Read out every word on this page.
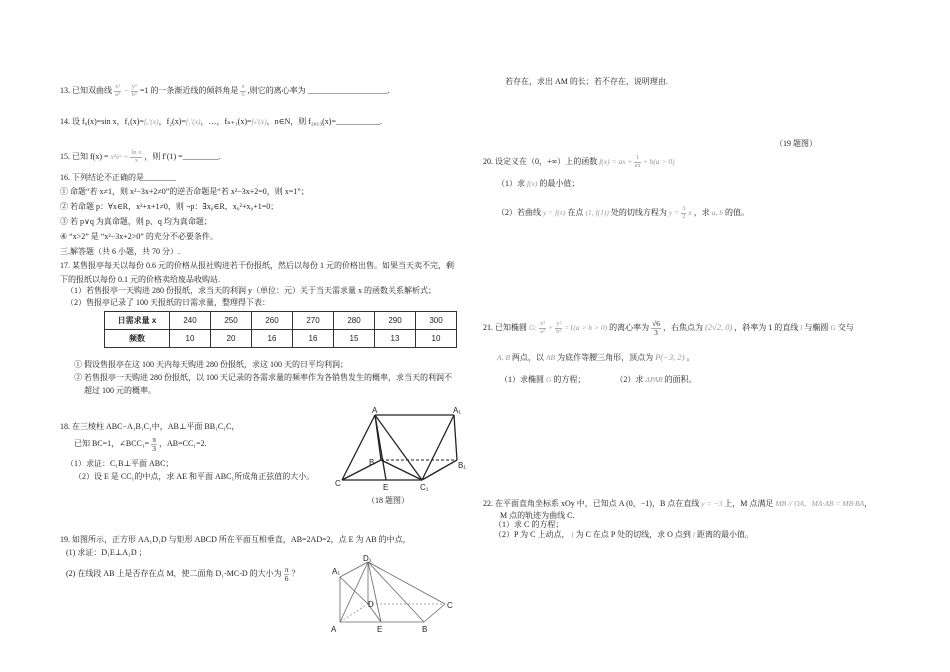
13. 已知双曲线 $\frac{\text{x²}}{\text{a²}} - \frac{\text{y²}}{\text{b²}} =1$ 的一条渐近线的倾斜角是 $\frac{\pi}{6}$ ,则它的离心率为 ____________________.
14. 设 f₀(x)=sin x，f₁(x)=f₀′(x)，f₂(x)=f₁′(x)，…，fₙ₊₁(x)=fₙ′(x)，n∈N，则 f₂₀₁₃(x)=___________.
15. 已知 f(x) = x²eˣ + $\frac{\text{ln x}}{x}$ ，则 f′(1) =_________.
16. 下列结论不正确的是________
① 命题“若 x≠1，则 x²−3x+2≠0”的逆否命题是“若 x²−3x+2=0，则 x=1”；
② 若命题 p：∀x∈R，x²+x+1≠0，则 ¬p：∃x₀∈R，x₀²+x₀+1=0；
③ 若 p∨q 为真命题，则 p、q 均为真命题；
④ “x>2” 是 “x²−3x+2>0” 的充分不必要条件。
三.解答题（共 6 小题，共 70 分）.
17. 某售报亭每天以每份 0.6 元的价格从报社购进若干份报纸，然后以每份 1 元的价格出售。如果当天卖不完，剩
下的报纸以每份 0.1 元的价格卖给废品收购站.
（1）若售报亭一天购进 280 份报纸，求当天的利润 y（单位：元）关于当天需求量 x 的函数关系解析式；
（2）售报亭记录了 100 天报纸的日需求量，整理得下表：
日需求量 x	240	250	260	270	280	290	300
频数	10	20	16	16	15	13	10
① 假设售报亭在这 100 天内每天购进 280 份报纸，求这 100 天的日平均利润；
② 若售报亭一天购进 280 份报纸，以 100 天记录的各需求量的频率作为各销售发生的概率，求当天的利润不
超过 100 元的概率。
18. 在三棱柱 ABC−A₁B₁C₁中，AB⊥平面 BB₁C₁C，
已知 BC=1，∠BCC₁= $\frac{\pi}{3}$ ，AB=CC₁=2.
（1）求证：C₁B⊥平面 ABC；
（2）设 E 是 CC₁的中点，求 AE 和平面 ABC₁所成角正弦值的大小。
（18 题图）
A	A₁
B	B₁
C	C₁
E
19. 如图所示，正方形 AA₁D₁D 与矩形 ABCD 所在平面互相垂直，AB=2AD=2，点 E 为 AB 的中点，
(1) 求证：D₁E⊥A₁D ；
(2) 在线段 AB 上是否存在点 M，使二面角 D₁-MC-D 的大小为 $\frac{\pi}{6}$ ？
A
A₁
B
C
D
D₁
E
若存在，求出 AM 的长；若不存在，说明理由.
（19 题图）
20. 设定义在（0，+∞）上的函数 f(x) = ax + $\frac{1}{ax} + b(a > 0)$
（1）求 f(x) 的最小值；
（2）若曲线 y = f(x) 在点 (1, f(1)) 处的切线方程为 $y = \frac{3}{2}$ x ，求 a, b 的值。
21. 已知椭圆 G: $\frac{\text{x²}}{\text{a²}} + \frac{\text{y²}}{\text{b²}} =1(a > b > 0)$ 的离心率为 $\frac{√6}{3}$ ，右焦点为 (2√2, 0) ，斜率为 1 的直线 l 与椭圆 G 交与
A, B 两点，以 AB 为底作等腰三角形，顶点为 P(−3, 2) 。
（1）求椭圆 G 的方程；	（2）求 ΔPAB 的面积。
22. 在平面直角坐标系 xOy 中，已知点 A (0，−1)，B 点在直线 y = −3 上，M 点满足 MB // OA，MA·AB = MB·BA，
M 点的轨迹为曲线 C.
（1）求 C 的方程；
（2）P 为 C 上动点， l 为 C 在点 P 处的切线，求 O 点到 l 距离的最小值。
